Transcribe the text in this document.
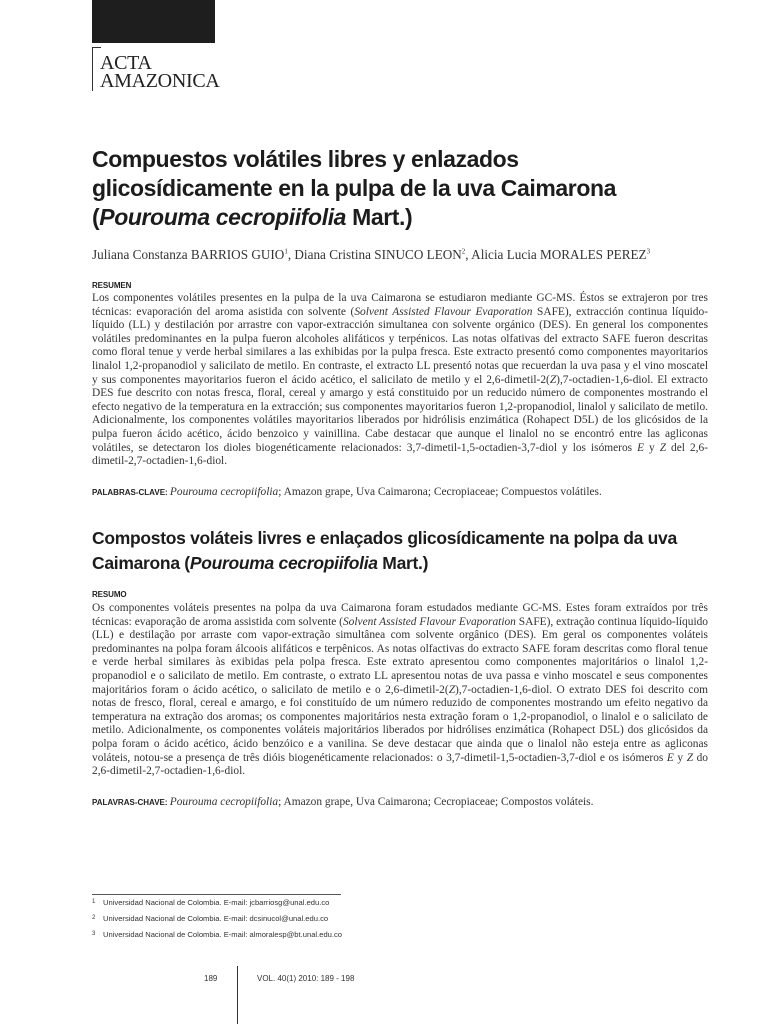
ACTA
AMAZONICA
Compuestos volátiles libres y enlazados
glicosídicamente en la pulpa de la uva Caimarona
(Pourouma cecropiifolia Mart.)
Juliana Constanza BARRIOS GUIO$^1$, Diana Cristina SINUCO LEON$^2$, Alicia Lucia MORALES PEREZ$^3$
RESUMEN

Los componentes volátiles presentes en la pulpa de la uva Caimarona se estudiaron mediante GC-MS. Éstos se extrajeron por tres técnicas: evaporación del aroma asistida con solvente (Solvent Assisted Flavour Evaporation SAFE), extracción continua líquido-líquido (LL) y destilación por arrastre con vapor-extracción simultanea con solvente orgánico (DES). En general los componentes volátiles predominantes en la pulpa fueron alcoholes alifáticos y terpénicos. Las notas olfativas del extracto SAFE fueron descritas como floral tenue y verde herbal similares a las exhibidas por la pulpa fresca. Este extracto presentó como componentes mayoritarios linalol 1,2-propanodiol y salicilato de metilo. En contraste, el extracto LL presentó notas que recuerdan la uva pasa y el vino moscatel y sus componentes mayoritarios fueron el ácido acético, el salicilato de metilo y el 2,6-dimetil-2(Z),7-octadien-1,6-diol. El extracto DES fue descrito con notas fresca, floral, cereal y amargo y está constituido por un reducido número de componentes mostrando el efecto negativo de la temperatura en la extracción; sus componentes mayoritarios fueron 1,2-propanodiol, linalol y salicilato de metilo. Adicionalmente, los componentes volátiles mayoritarios liberados por hidrólisis enzimática (Rohapect D5L) de los glicósidos de la pulpa fueron ácido acético, ácido benzoico y vainillina. Cabe destacar que aunque el linalol no se encontró entre las agliconas volátiles, se detectaron los dioles biogenéticamente relacionados: 3,7-dimetil-1,5-octadien-3,7-diol y los isómeros E y Z del 2,6-dimetil-2,7-octadien-1,6-diol.

PALABRAS-CLAVE: Pourouma cecropiifolia; Amazon grape, Uva Caimarona; Cecropiaceae; Compuestos volátiles.
Compostos voláteis livres e enlaçados glicosídicamente na polpa da uva
Caimarona (Pourouma cecropiifolia Mart.)
RESUMO

Os componentes voláteis presentes na polpa da uva Caimarona foram estudados mediante GC-MS. Estes foram extraídos por três técnicas: evaporação de aroma assistida com solvente (Solvent Assisted Flavour Evaporation SAFE), extração continua líquido-líquido (LL) e destilação por arraste com vapor-extração simultânea com solvente orgânico (DES). Em geral os componentes voláteis predominantes na polpa foram álcoois alifáticos e terpênicos. As notas olfactivas do extracto SAFE foram descritas como floral tenue e verde herbal similares às exibidas pela polpa fresca. Este extrato apresentou como componentes majoritários o linalol 1,2-propanodiol e o salicilato de metilo. Em contraste, o extrato LL apresentou notas de uva passa e vinho moscatel e seus componentes majoritários foram o ácido acético, o salicilato de metilo e o 2,6-dimetil-2(Z),7-octadien-1,6-diol. O extrato DES foi descrito com notas de fresco, floral, cereal e amargo, e foi constituído de um número reduzido de componentes mostrando um efeito negativo da temperatura na extração dos aromas; os componentes majoritários nesta extração foram o 1,2-propanodiol, o linalol e o salicilato de metilo. Adicionalmente, os componentes voláteis majoritários liberados por hidrólises enzimática (Rohapect D5L) dos glicósidos da polpa foram o ácido acético, ácido benzóico e a vanilina. Se deve destacar que ainda que o linalol não esteja entre as agliconas voláteis, notou-se a presença de três dióis biogenéticamente relacionados: o 3,7-dimetil-1,5-octadien-3,7-diol e os isómeros E y Z do 2,6-dimetil-2,7-octadien-1,6-diol.

PALAVRAS-CHAVE: Pourouma cecropiifolia; Amazon grape, Uva Caimarona; Cecropiaceae; Compostos voláteis.
1 Universidad Nacional de Colombia. E-mail: jcbarriosg@unal.edu.co
2 Universidad Nacional de Colombia. E-mail: dcsinucol@unal.edu.co
3 Universidad Nacional de Colombia. E-mail: almoralesp@bt.unal.edu.co
189	VOL. 40(1) 2010: 189 - 198
